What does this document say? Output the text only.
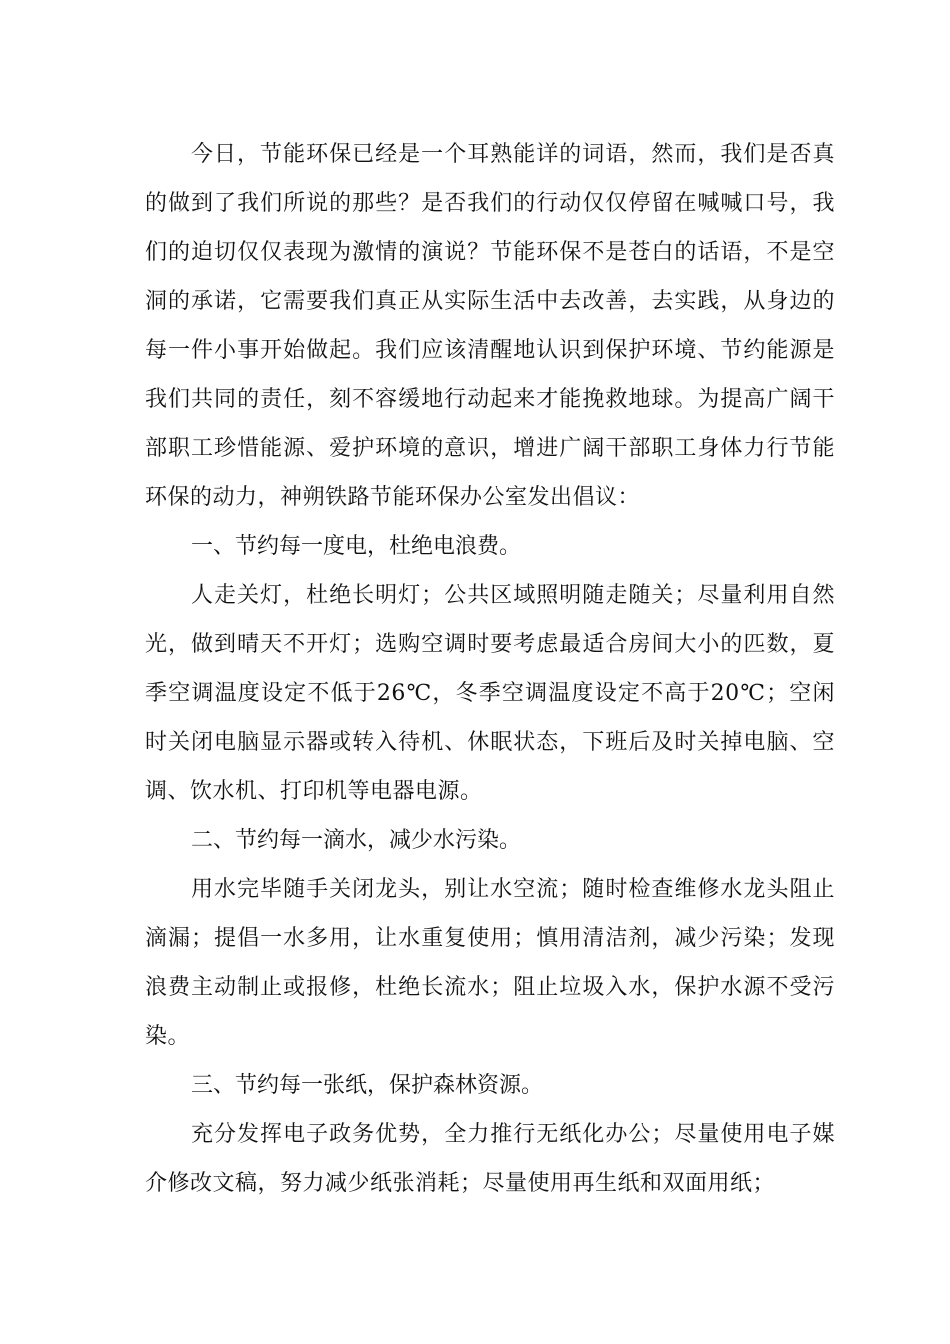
今日，节能环保已经是一个耳熟能详的词语，然而，我们是否真的做到了我们所说的那些？是否我们的行动仅仅停留在喊喊口号，我们的迫切仅仅表现为激情的演说？节能环保不是苍白的话语，不是空洞的承诺，它需要我们真正从实际生活中去改善，去实践，从身边的每一件小事开始做起。我们应该清醒地认识到保护环境、节约能源是我们共同的责任，刻不容缓地行动起来才能挽救地球。为提高广阔干部职工珍惜能源、爱护环境的意识，增进广阔干部职工身体力行节能环保的动力，神朔铁路节能环保办公室发出倡议：

一、节约每一度电，杜绝电浪费。

人走关灯，杜绝长明灯；公共区域照明随走随关；尽量利用自然光，做到晴天不开灯；选购空调时要考虑最适合房间大小的匹数，夏季空调温度设定不低于26℃，冬季空调温度设定不高于20℃；空闲时关闭电脑显示器或转入待机、休眠状态，下班后及时关掉电脑、空调、饮水机、打印机等电器电源。

二、节约每一滴水，减少水污染。

用水完毕随手关闭龙头，别让水空流；随时检查维修水龙头阻止滴漏；提倡一水多用，让水重复使用；慎用清洁剂，减少污染；发现浪费主动制止或报修，杜绝长流水；阻止垃圾入水，保护水源不受污染。

三、节约每一张纸，保护森林资源。

充分发挥电子政务优势，全力推行无纸化办公；尽量使用电子媒介修改文稿，努力减少纸张消耗；尽量使用再生纸和双面用纸；
